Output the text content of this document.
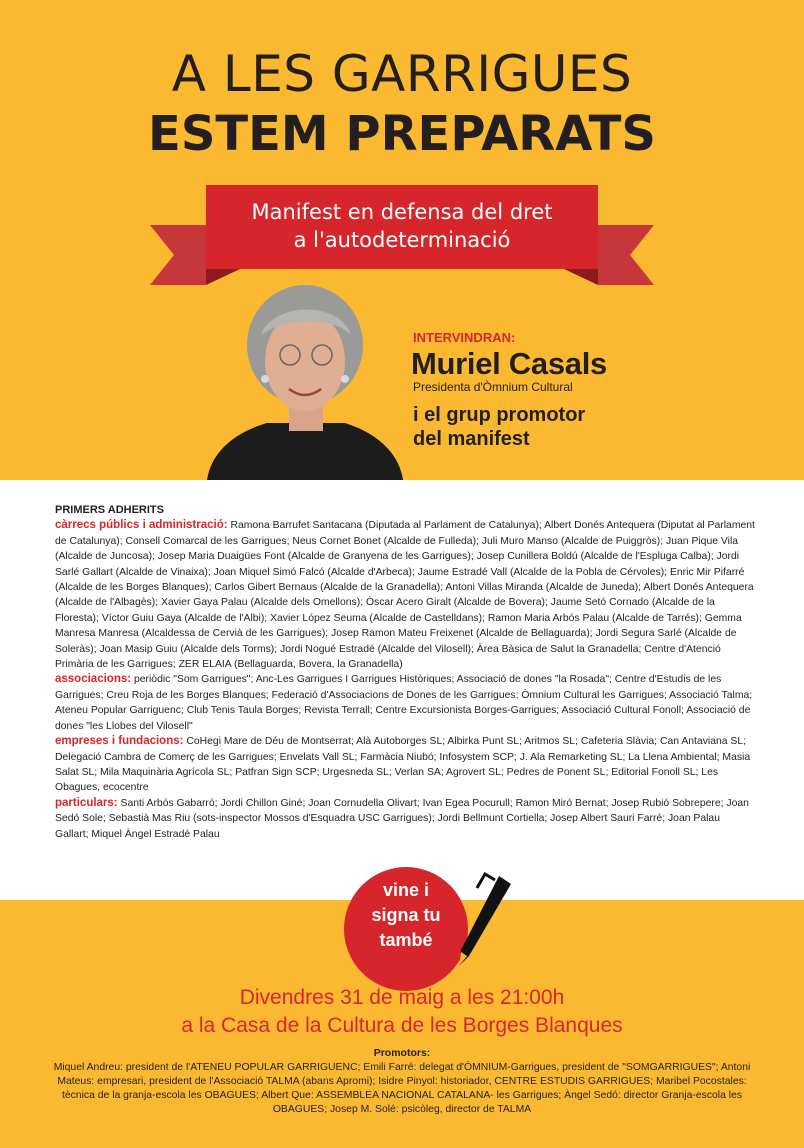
A LES GARRIGUES
ESTEM PREPARATS
Manifest en defensa del dret
a l'autodeterminació
INTERVINDRAN:
Muriel Casals
Presidenta d'Òmnium Cultural
i el grup promotor
del manifest
PRIMERS ADHERITS

càrrecs públics i administració: Ramona Barrufet Santacana (Diputada al Parlament de Catalunya); Albert Donés Antequera (Diputat al Parlament de Catalunya); Consell Comarcal de les Garrigues; Neus Cornet Bonet (Alcalde de Fulleda); Juli Muro Manso (Alcalde de Puiggròs); Juan Pique Vila (Alcalde de Juncosa); Josep Maria Duaigües Font (Alcalde de Granyena de les Garrigues); Josep Cunillera Boldú (Alcalde de l'Espluga Calba); Jordi Sarlé Gallart (Alcalde de Vinaixa); Joan Miquel Simó Falcó (Alcalde d'Arbeca); Jaume Estradé Vall (Alcalde de la Pobla de Cérvoles); Enric Mir Pifarré (Alcalde de les Borges Blanques); Carlos Gibert Bernaus (Alcalde de la Granadella); Antoni Villas Miranda (Alcalde de Juneda); Albert Donés Antequera (Alcalde de l'Albagès); Xavier Gaya Palau (Alcalde dels Omellons); Òscar Acero Giralt (Alcalde de Bovera); Jaume Setó Cornado (Alcalde de la Floresta); Víctor Guiu Gaya (Alcalde de l'Albi); Xavier López Seuma (Alcalde de Castelldans); Ramon Maria Arbós Palau (Alcalde de Tarrés); Gemma Manresa Manresa (Alcaldessa de Cervià de les Garrigues); Josep Ramon Mateu Freixenet (Alcalde de Bellaguarda); Jordi Segura Sarlé (Alcalde de Soleràs); Joan Masip Guiu (Alcalde dels Torms); Jordi Nogué Estradé (Alcalde del Vilosell); Àrea Bàsica de Salut la Granadella; Centre d'Atenció Primària de les Garrigues; ZER ELAIA (Bellaguarda, Bovera, la Granadella)

associacions: periòdic "Som Garrigues"; Anc-Les Garrigues I Garrigues Històriques; Associació de dones "la Rosada"; Centre d'Estudis de les Garrigues; Creu Roja de les Borges Blanques; Federació d'Associacions de Dones de les Garrigues; Òmnium Cultural les Garrigues; Associació Talma; Ateneu Popular Garriguenc; Club Tenis Taula Borges; Revista Terrall; Centre Excursionista Borges-Garrigues; Associació Cultural Fonoll; Associació de dones "les Llobes del Vilosell"

empreses i fundacions: CoHegi Mare de Déu de Montserrat; Alà Autoborges SL; Albirka Punt SL; Aritmos SL; Cafeteria Slàvia; Can Antaviana SL; Delegació Cambra de Comerç de les Garrigues; Envelats Vall SL; Farmàcia Niubó; Infosystem SCP; J. Ala Remarketing SL; La Llena Ambiental; Masia Salat SL; Mila Maquinària Agrícola SL; Patfran Sign SCP; Urgesneda SL; Verlan SA; Agrovert SL; Pedres de Ponent SL; Editorial Fonoll SL; Les Obagues, ecocentre

particulars: Santi Arbós Gabarró; Jordi Chillon Giné; Joan Cornudella Olivart; Ivan Egea Pocurull; Ramon Miró Bernat; Josep Rubió Sobrepere; Joan Sedó Sole; Sebastià Mas Riu (sots-inspector Mossos d'Esquadra USC Garrigues); Jordi Bellmunt Cortiella; Josep Albert Sauri Farré; Joan Palau Gallart; Miquel Àngel Estradé Palau

vine i
signa tu
també
Divendres 31 de maig a les 21:00h
a la Casa de la Cultura de les Borges Blanques
Promotors:
Miquel Andreu: president de l'ATENEU POPULAR GARRIGUENC; Emili Farré: delegat d'ÒMNIUM-Garrigues, president de "SOMGARRIGUES"; Antoni Mateus: empresari, president de l'Associació TALMA (abans Apromi); Isidre Pinyol: historiador, CENTRE ESTUDIS GARRIGUES; Maribel Pocostales: tècnica de la granja-escola les OBAGUES; Albert Que: ASSEMBLEA NACIONAL CATALANA- les Garrigues; Àngel Sedó: director Granja-escola les OBAGUES; Josep M. Solé: psicòleg, director de TALMA
